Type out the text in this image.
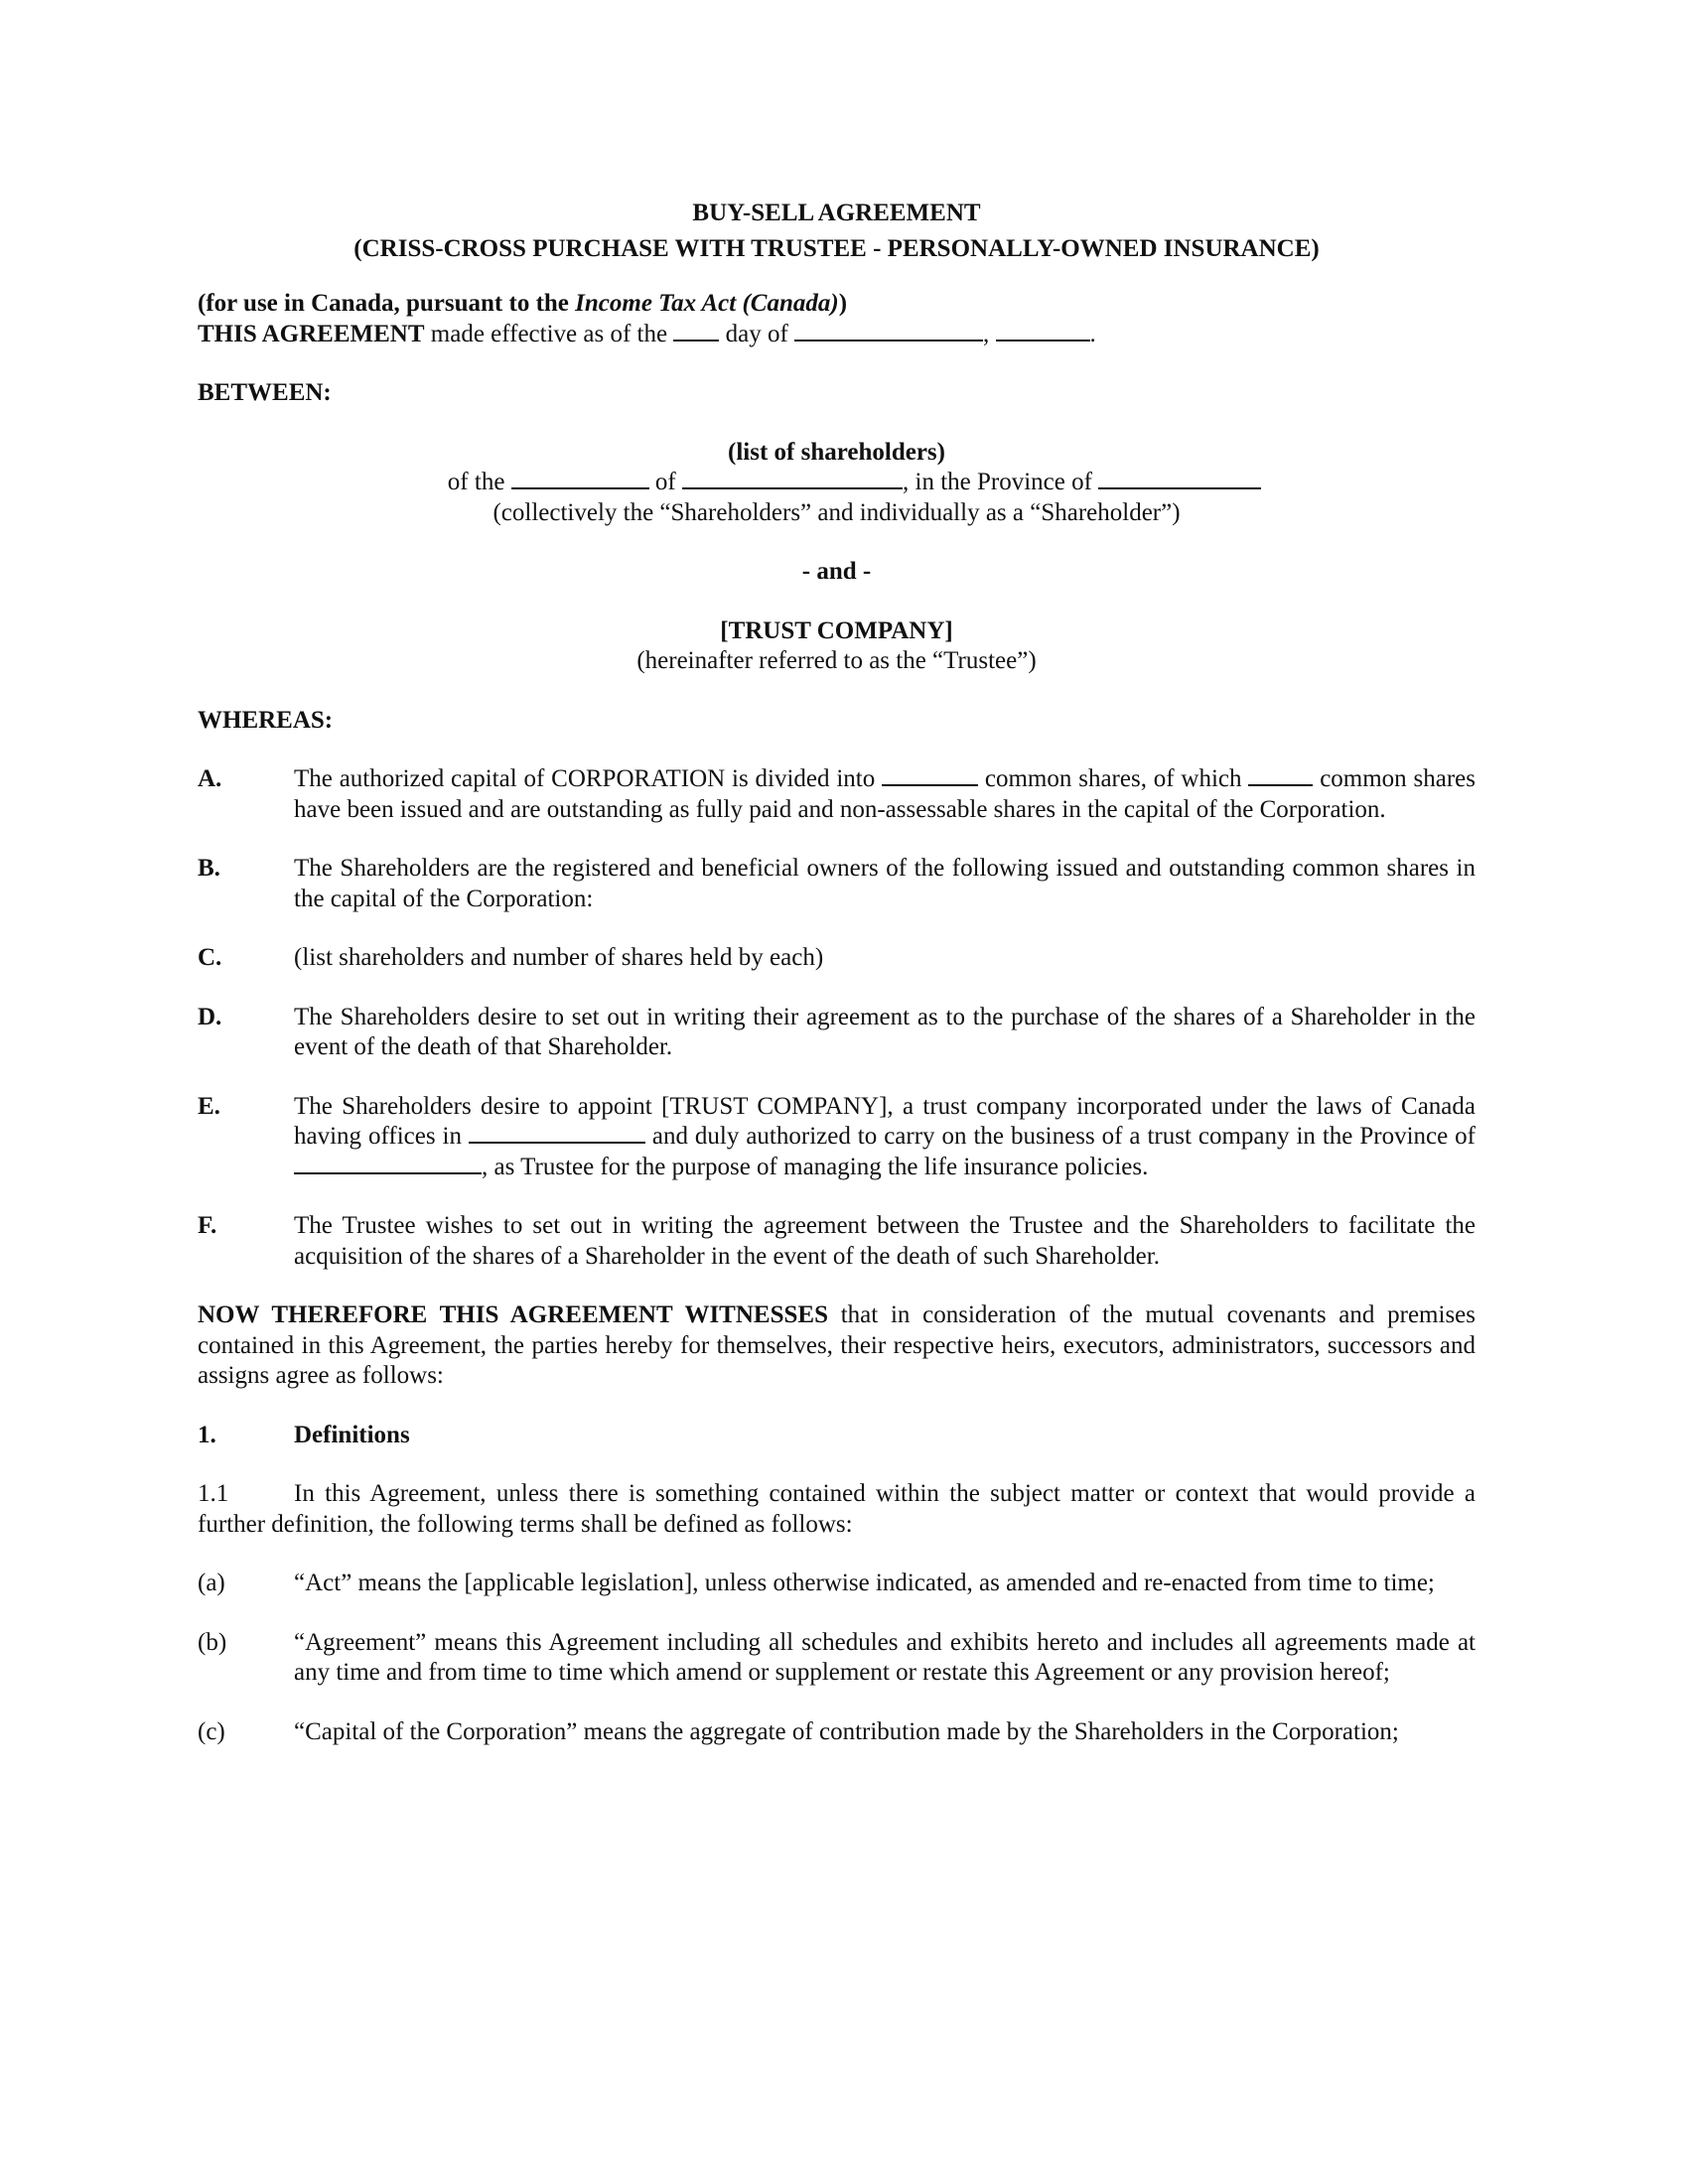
BUY-SELL AGREEMENT
(CRISS-CROSS PURCHASE WITH TRUSTEE - PERSONALLY-OWNED INSURANCE)
(for use in Canada, pursuant to the Income Tax Act (Canada))
THIS AGREEMENT made effective as of the  day of	,	.
BETWEEN:
(list of shareholders)
of the	of	, in the Province of
(collectively the “Shareholders” and individually as a “Shareholder”)
- and -
[TRUST COMPANY]
(hereinafter referred to as the “Trustee”)
WHEREAS:
A.	The authorized capital of CORPORATION is divided into	common shares, of which	common shares have been issued and are outstanding as fully paid and non-assessable shares in the capital of the Corporation.
B.	The Shareholders are the registered and beneficial owners of the following issued and outstanding common shares in the capital of the Corporation:
C.	(list shareholders and number of shares held by each)
D.	The Shareholders desire to set out in writing their agreement as to the purchase of the shares of a Shareholder in the event of the death of that Shareholder.
E.	The Shareholders desire to appoint [TRUST COMPANY], a trust company incorporated under the laws of Canada having offices in	and duly authorized to carry on the business of a trust company in the Province of , as Trustee for the purpose of managing the life insurance policies.
F.	The Trustee wishes to set out in writing the agreement between the Trustee and the Shareholders to facilitate the acquisition of the shares of a Shareholder in the event of the death of such Shareholder.
NOW THEREFORE THIS AGREEMENT WITNESSES that in consideration of the mutual covenants and premises contained in this Agreement, the parties hereby for themselves, their respective heirs, executors, administrators, successors and assigns agree as follows:
1.	Definitions
1.1	In this Agreement, unless there is something contained within the subject matter or context that would provide a further definition, the following terms shall be defined as follows:
(a)	“Act” means the [applicable legislation], unless otherwise indicated, as amended and re-enacted from time to time;
(b)	“Agreement” means this Agreement including all schedules and exhibits hereto and includes all agreements made at any time and from time to time which amend or supplement or restate this Agreement or any provision hereof;
(c)	“Capital of the Corporation” means the aggregate of contribution made by the Shareholders in the Corporation;
